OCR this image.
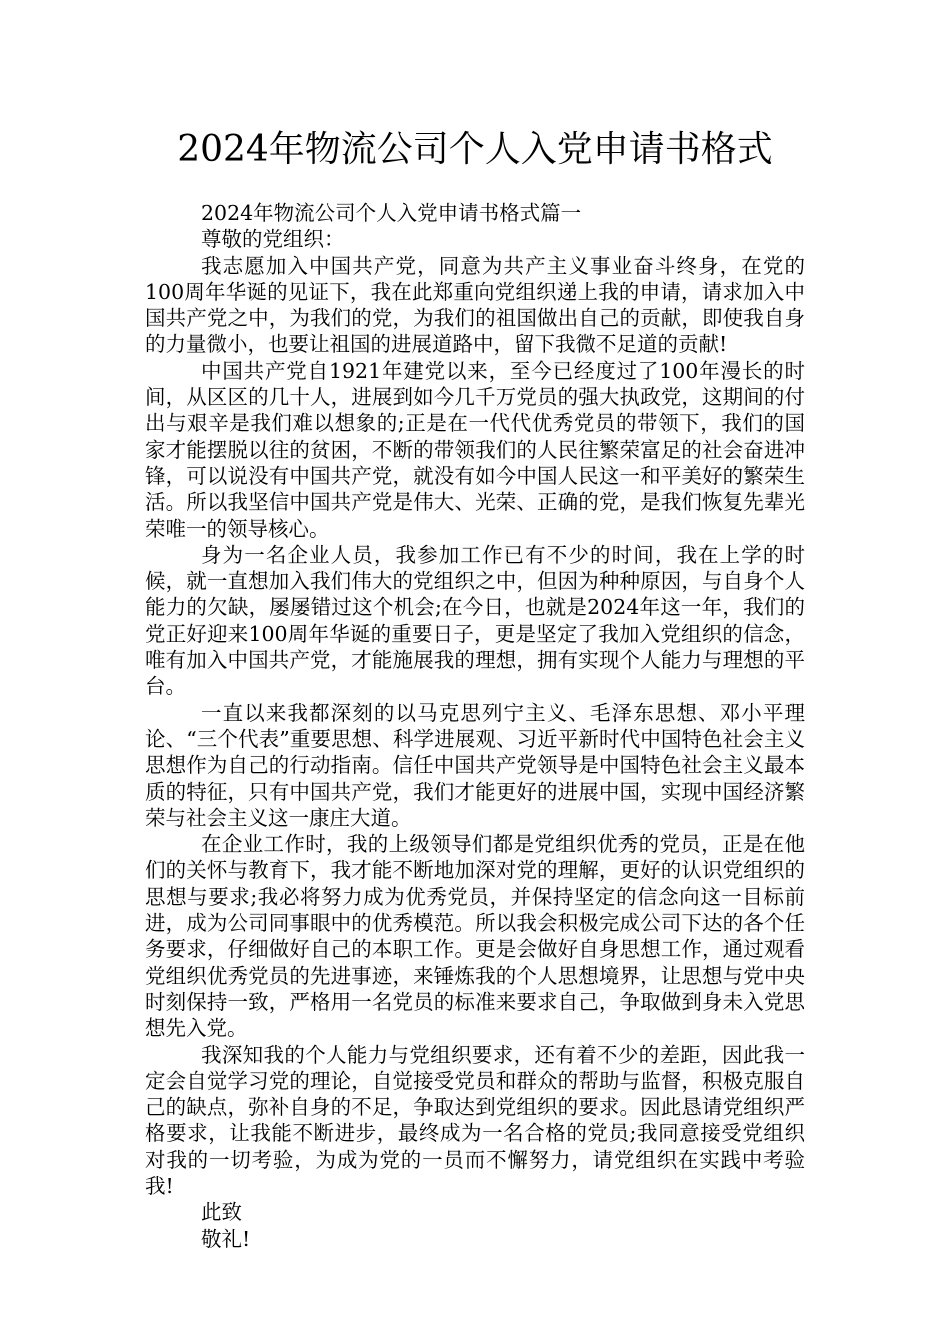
2024年物流公司个人入党申请书格式

2024年物流公司个人入党申请书格式篇一

尊敬的党组织：

我志愿加入中国共产党，同意为共产主义事业奋斗终身，在党的100周年华诞的见证下，我在此郑重向党组织递上我的申请，请求加入中国共产党之中，为我们的党，为我们的祖国做出自己的贡献，即使我自身的力量微小，也要让祖国的进展道路中，留下我微不足道的贡献!

中国共产党自1921年建党以来，至今已经度过了100年漫长的时间，从区区的几十人，进展到如今几千万党员的强大执政党，这期间的付出与艰辛是我们难以想象的;正是在一代代优秀党员的带领下，我们的国家才能摆脱以往的贫困，不断的带领我们的人民往繁荣富足的社会奋进冲锋，可以说没有中国共产党，就没有如今中国人民这一和平美好的繁荣生活。所以我坚信中国共产党是伟大、光荣、正确的党，是我们恢复先辈光荣唯一的领导核心。

身为一名企业人员，我参加工作已有不少的时间，我在上学的时候，就一直想加入我们伟大的党组织之中，但因为种种原因，与自身个人能力的欠缺，屡屡错过这个机会;在今日，也就是2024年这一年，我们的党正好迎来100周年华诞的重要日子，更是坚定了我加入党组织的信念，唯有加入中国共产党，才能施展我的理想，拥有实现个人能力与理想的平台。

一直以来我都深刻的以马克思列宁主义、毛泽东思想、邓小平理论、“三个代表”重要思想、科学进展观、习近平新时代中国特色社会主义思想作为自己的行动指南。信任中国共产党领导是中国特色社会主义最本质的特征，只有中国共产党，我们才能更好的进展中国，实现中国经济繁荣与社会主义这一康庄大道。

在企业工作时，我的上级领导们都是党组织优秀的党员，正是在他们的关怀与教育下，我才能不断地加深对党的理解，更好的认识党组织的思想与要求;我必将努力成为优秀党员，并保持坚定的信念向这一目标前进，成为公司同事眼中的优秀模范。所以我会积极完成公司下达的各个任务要求，仔细做好自己的本职工作。更是会做好自身思想工作，通过观看党组织优秀党员的先进事迹，来锤炼我的个人思想境界，让思想与党中央时刻保持一致，严格用一名党员的标准来要求自己，争取做到身未入党思想先入党。

我深知我的个人能力与党组织要求，还有着不少的差距，因此我一定会自觉学习党的理论，自觉接受党员和群众的帮助与监督，积极克服自己的缺点，弥补自身的不足，争取达到党组织的要求。因此恳请党组织严格要求，让我能不断进步，最终成为一名合格的党员;我同意接受党组织对我的一切考验，为成为党的一员而不懈努力，请党组织在实践中考验我!

此致

敬礼!
